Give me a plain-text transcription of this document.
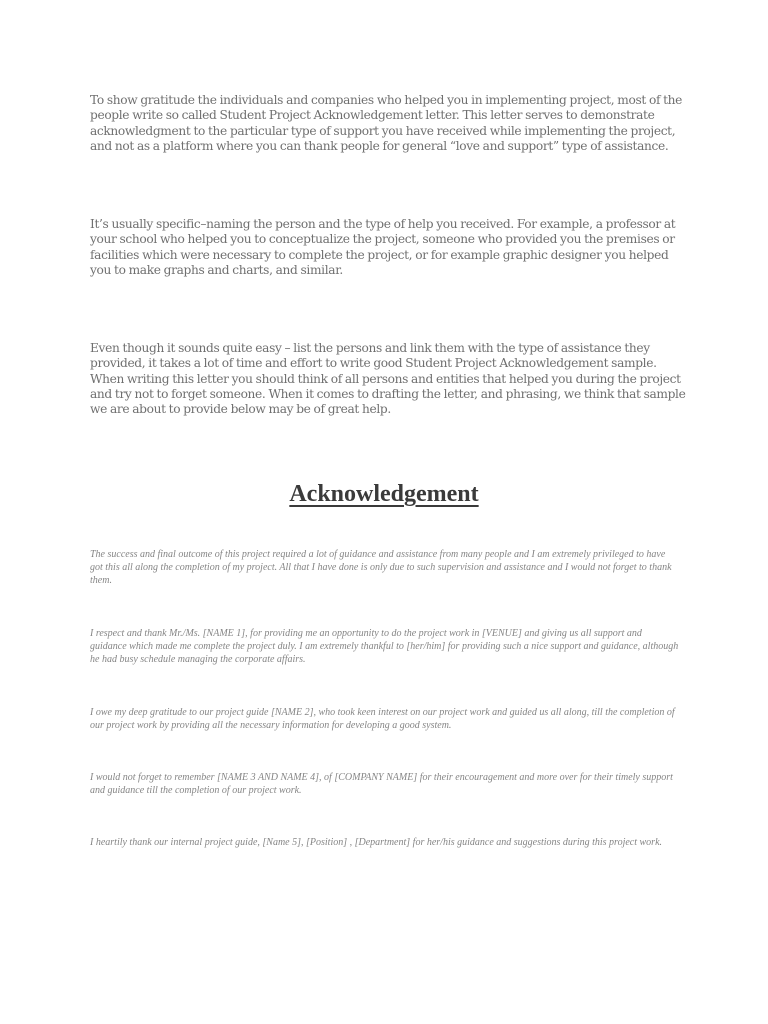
To show gratitude the individuals and companies who helped you in implementing project, most of the people write so called Student Project Acknowledgement letter. This letter serves to demonstrate acknowledgment to the particular type of support you have received while implementing the project, and not as a platform where you can thank people for general “love and support” type of assistance.

It’s usually specific–naming the person and the type of help you received. For example, a professor at your school who helped you to conceptualize the project, someone who provided you the premises or facilities which were necessary to complete the project, or for example graphic designer you helped you to make graphs and charts, and similar.

Even though it sounds quite easy – list the persons and link them with the type of assistance they provided, it takes a lot of time and effort to write good Student Project Acknowledgement sample. When writing this letter you should think of all persons and entities that helped you during the project and try not to forget someone. When it comes to drafting the letter, and phrasing, we think that sample we are about to provide below may be of great help.

Acknowledgement

The success and final outcome of this project required a lot of guidance and assistance from many people and I am extremely privileged to have got this all along the completion of my project. All that I have done is only due to such supervision and assistance and I would not forget to thank them.

I respect and thank Mr./Ms. [NAME 1], for providing me an opportunity to do the project work in [VENUE] and giving us all support and guidance which made me complete the project duly. I am extremely thankful to [her/him] for providing such a nice support and guidance, although he had busy schedule managing the corporate affairs.

I owe my deep gratitude to our project guide [NAME 2], who took keen interest on our project work and guided us all along, till the completion of our project work by providing all the necessary information for developing a good system.

I would not forget to remember [NAME 3 AND NAME 4], of [COMPANY NAME] for their encouragement and more over for their timely support and guidance till the completion of our project work.

I heartily thank our internal project guide, [Name 5], [Position] , [Department] for her/his guidance and suggestions during this project work.
